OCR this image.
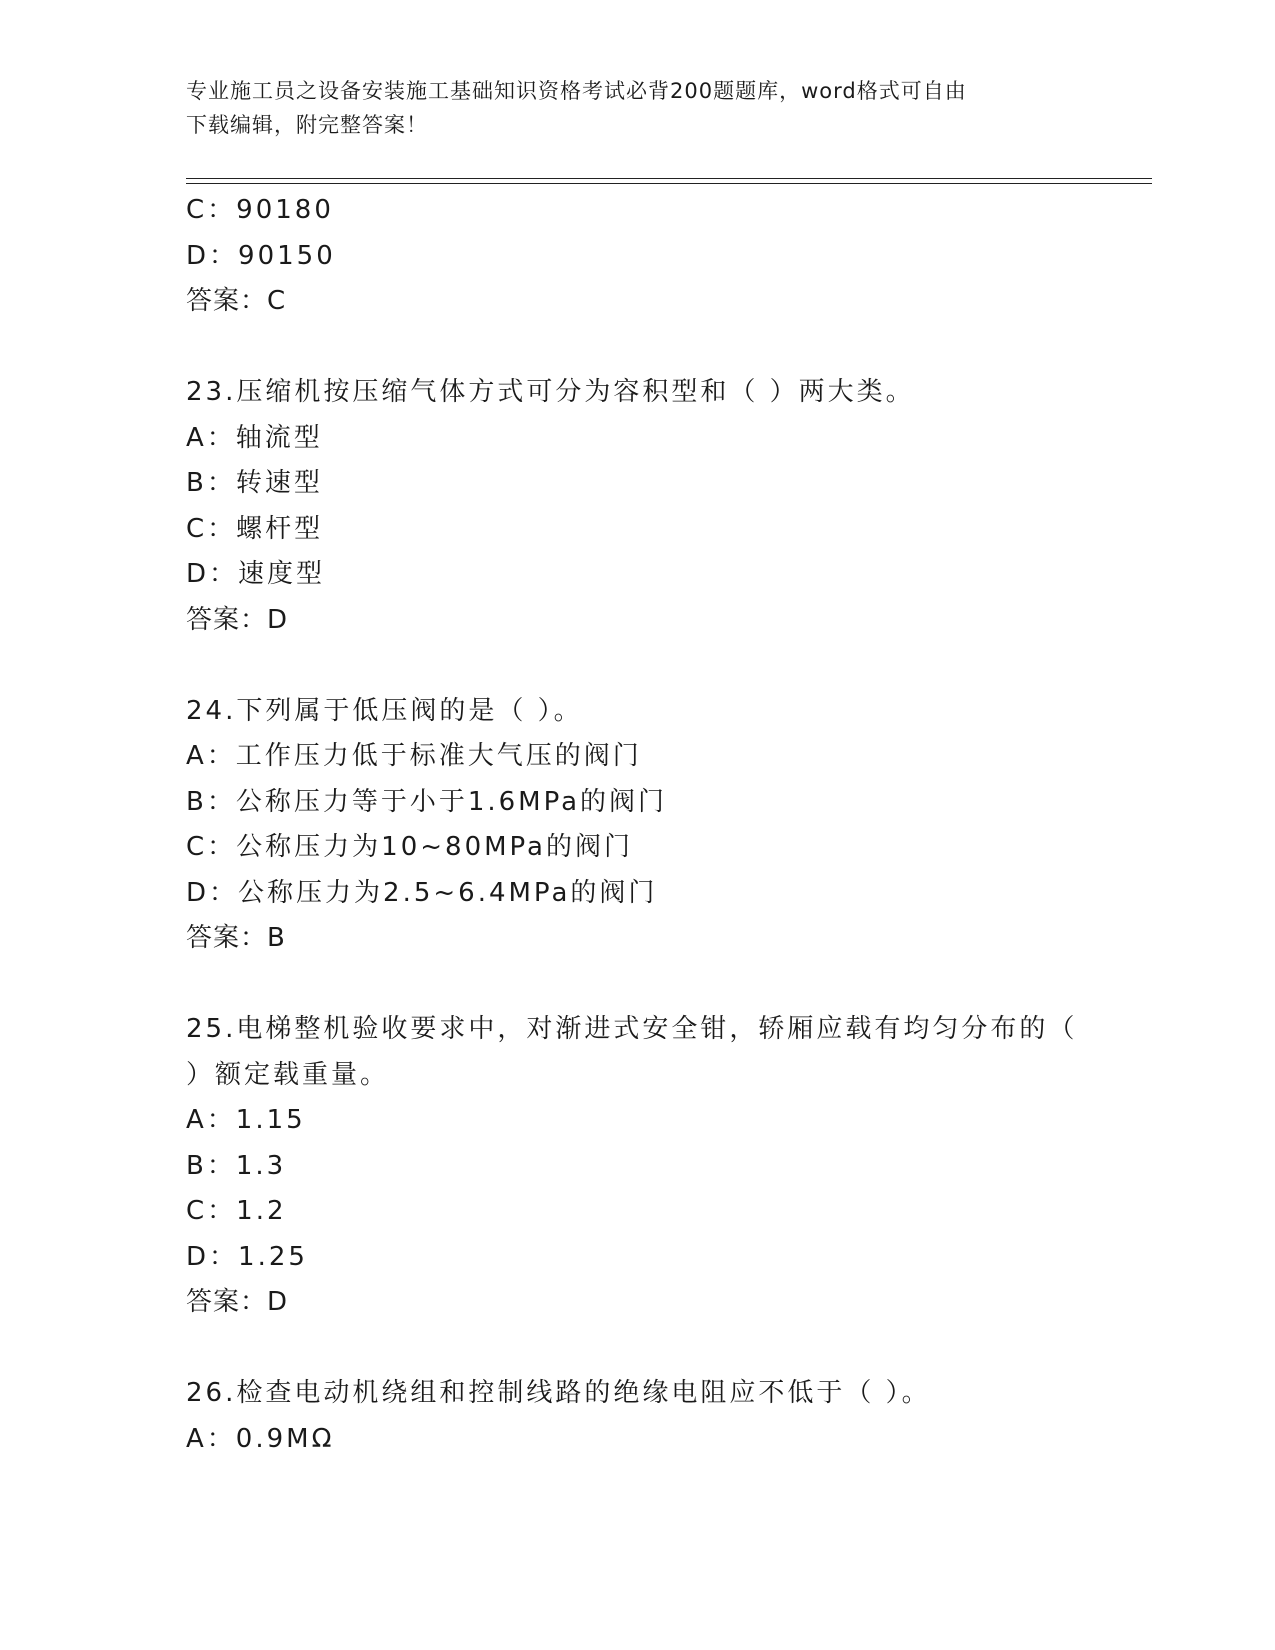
专业施工员之设备安装施工基础知识资格考试必背200题题库，word格式可自由
下载编辑，附完整答案！
C：90180
D：90150
答案：C
23.压缩机按压缩气体方式可分为容积型和（ ）两大类。
A：轴流型
B：转速型
C：螺杆型
D：速度型
答案：D
24.下列属于低压阀的是（ ）。
A：工作压力低于标准大气压的阀门
B：公称压力等于小于1.6MPa的阀门
C：公称压力为10~80MPa的阀门
D：公称压力为2.5~6.4MPa的阀门
答案：B
25.电梯整机验收要求中，对渐进式安全钳，轿厢应载有均匀分布的（
）额定载重量。
A：1.15
B：1.3
C：1.2
D：1.25
答案：D
26.检查电动机绕组和控制线路的绝缘电阻应不低于（ ）。
A：0.9MΩ
